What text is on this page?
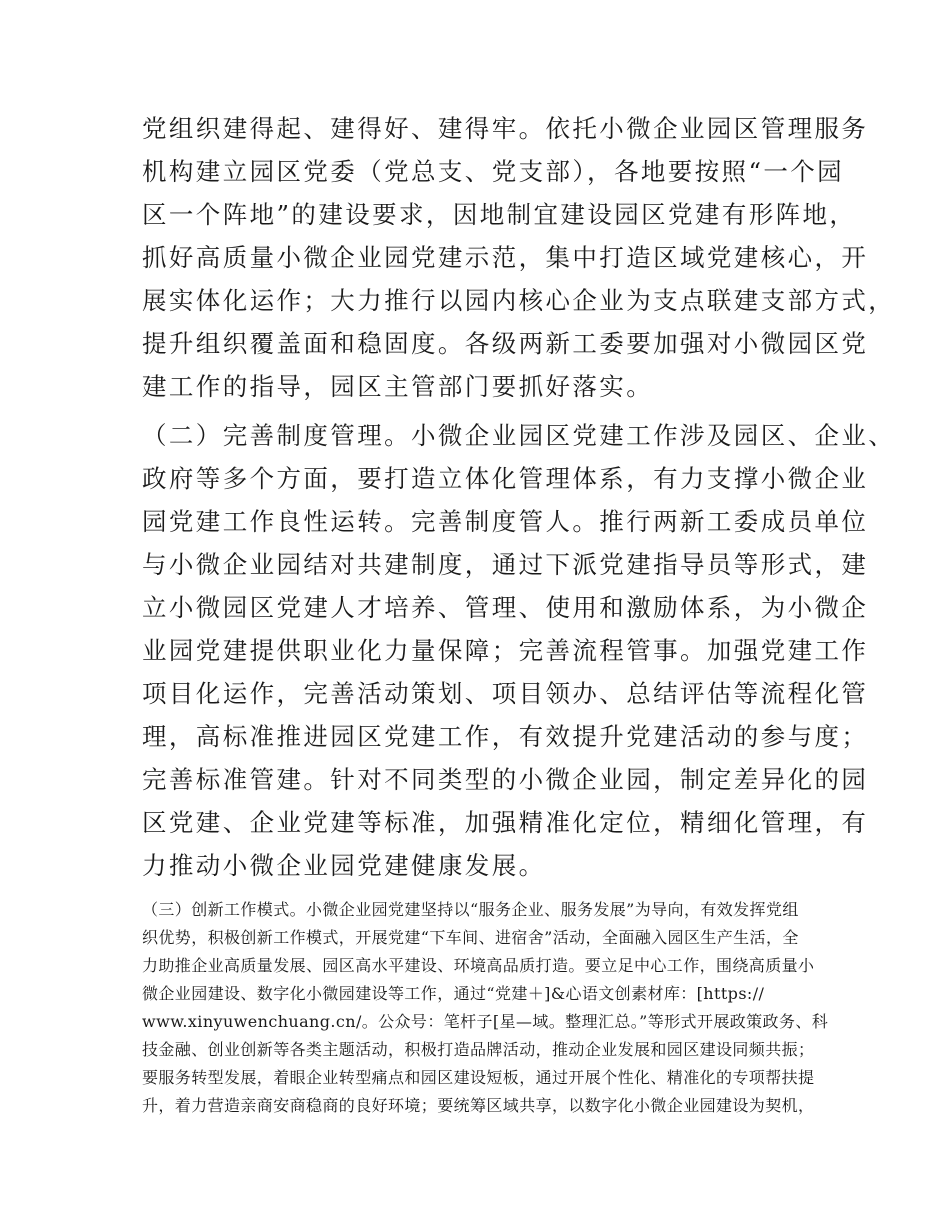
党组织建得起、建得好、建得牢。依托小微企业园区管理服务
机构建立园区党委（党总支、党支部），各地要按照“一个园
区一个阵地”的建设要求，因地制宜建设园区党建有形阵地，
抓好高质量小微企业园党建示范，集中打造区域党建核心，开
展实体化运作；大力推行以园内核心企业为支点联建支部方式，
提升组织覆盖面和稳固度。各级两新工委要加强对小微园区党
建工作的指导，园区主管部门要抓好落实。
（二）完善制度管理。小微企业园区党建工作涉及园区、企业、
政府等多个方面，要打造立体化管理体系，有力支撑小微企业
园党建工作良性运转。完善制度管人。推行两新工委成员单位
与小微企业园结对共建制度，通过下派党建指导员等形式，建
立小微园区党建人才培养、管理、使用和激励体系，为小微企
业园党建提供职业化力量保障；完善流程管事。加强党建工作
项目化运作，完善活动策划、项目领办、总结评估等流程化管
理，高标准推进园区党建工作，有效提升党建活动的参与度；
完善标准管建。针对不同类型的小微企业园，制定差异化的园
区党建、企业党建等标准，加强精准化定位，精细化管理，有
力推动小微企业园党建健康发展。
（三）创新工作模式。小微企业园党建坚持以“服务企业、服务发展”为导向，有效发挥党组
织优势，积极创新工作模式，开展党建“下车间、进宿舍”活动，全面融入园区生产生活，全
力助推企业高质量发展、园区高水平建设、环境高品质打造。要立足中心工作，围绕高质量小
微企业园建设、数字化小微园建设等工作，通过“党建＋]&心语文创素材库：[https://
www.xinyuwenchuang.cn/。公众号：笔杆子[星—域。整理汇总。”等形式开展政策政务、科
技金融、创业创新等各类主题活动，积极打造品牌活动，推动企业发展和园区建设同频共振；
要服务转型发展，着眼企业转型痛点和园区建设短板，通过开展个性化、精准化的专项帮扶提
升，着力营造亲商安商稳商的良好环境；要统筹区域共享，以数字化小微企业园建设为契机，
